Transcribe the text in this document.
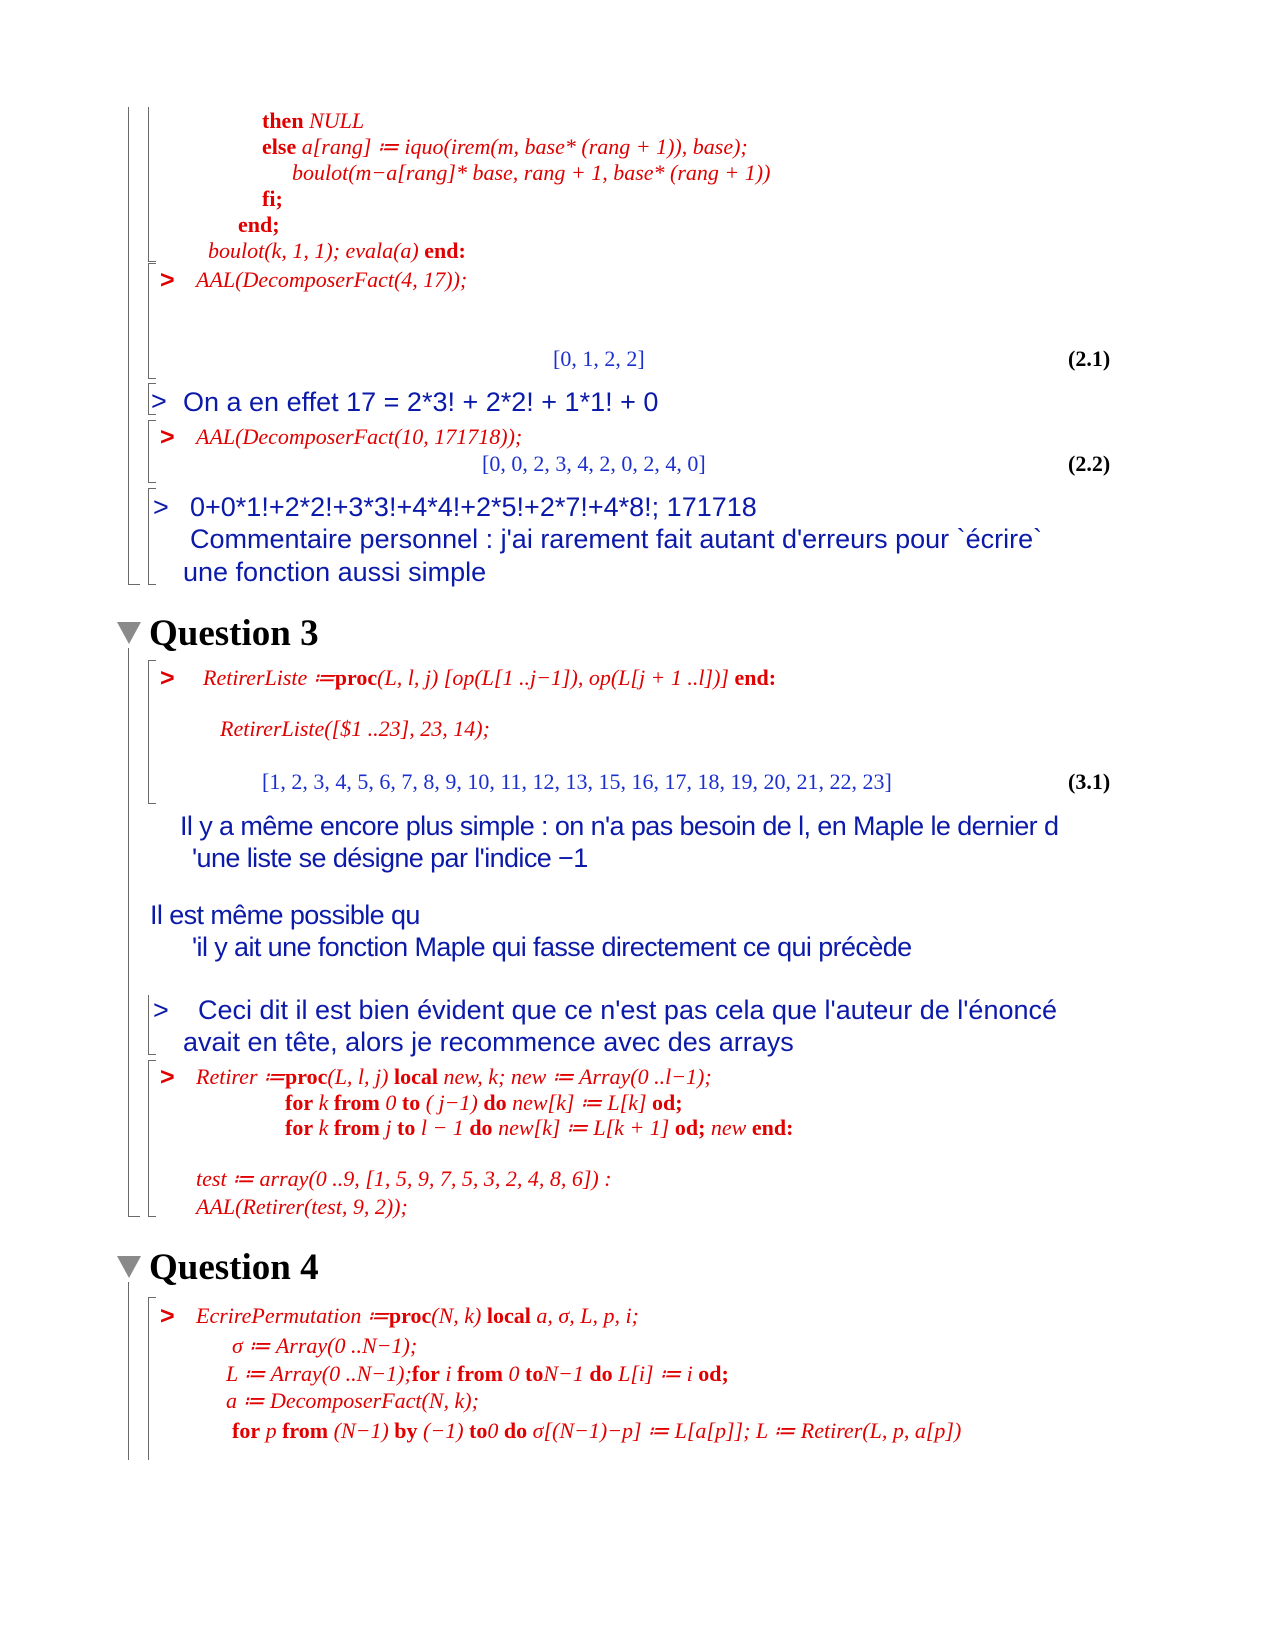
then NULL
else a[rang] ≔ iquo(irem(m, base* (rang + 1)), base);
boulot(m−a[rang]* base, rang + 1, base* (rang + 1))
fi;
end;
boulot(k, 1, 1); evala(a) end:
> AAL(DecomposerFact(4, 17));
[0, 1, 2, 2]	(2.1)
> On a en effet 17 = 2*3! + 2*2! + 1*1! + 0
> AAL(DecomposerFact(10, 171718));
[0, 0, 2, 3, 4, 2, 0, 2, 4, 0]	(2.2)
> 0+0*1!+2*2!+3*3!+4*4!+2*5!+2*7!+4*8!; 171718
Commentaire personnel : j'ai rarement fait autant d'erreurs pour `écrire`
une fonction aussi simple
Question 3
> RetirerListe ≔proc(L, l, j) [op(L[1 ..j−1]), op(L[j + 1 ..l])] end:
RetirerListe([$1 ..23], 23, 14);
[1, 2, 3, 4, 5, 6, 7, 8, 9, 10, 11, 12, 13, 15, 16, 17, 18, 19, 20, 21, 22, 23]	(3.1)
Il y a même encore plus simple : on n'a pas besoin de l, en Maple le dernier d
'une liste se désigne par l'indice −1
Il est même possible qu
'il y ait une fonction Maple qui fasse directement ce qui précède
> Ceci dit il est bien évident que ce n'est pas cela que l'auteur de l'énoncé
avait en tête, alors je recommence avec des arrays
> Retirer ≔proc(L, l, j) local new, k; new ≔ Array(0 ..l−1);
for k from 0 to ( j−1) do new[k] ≔ L[k] od;
for k from j to l − 1 do new[k] ≔ L[k + 1] od; new end:
test ≔ array(0 ..9, [1, 5, 9, 7, 5, 3, 2, 4, 8, 6]) :
AAL(Retirer(test, 9, 2));
Question 4
> EcrirePermutation ≔proc(N, k) local a, σ, L, p, i;
σ ≔ Array(0 ..N−1);
L ≔ Array(0 ..N−1);for i from 0 toN−1 do L[i] ≔ i od;
a ≔ DecomposerFact(N, k);
for p from (N−1) by (−1) to0 do σ[(N−1)−p] ≔ L[a[p]]; L ≔ Retirer(L, p, a[p])
